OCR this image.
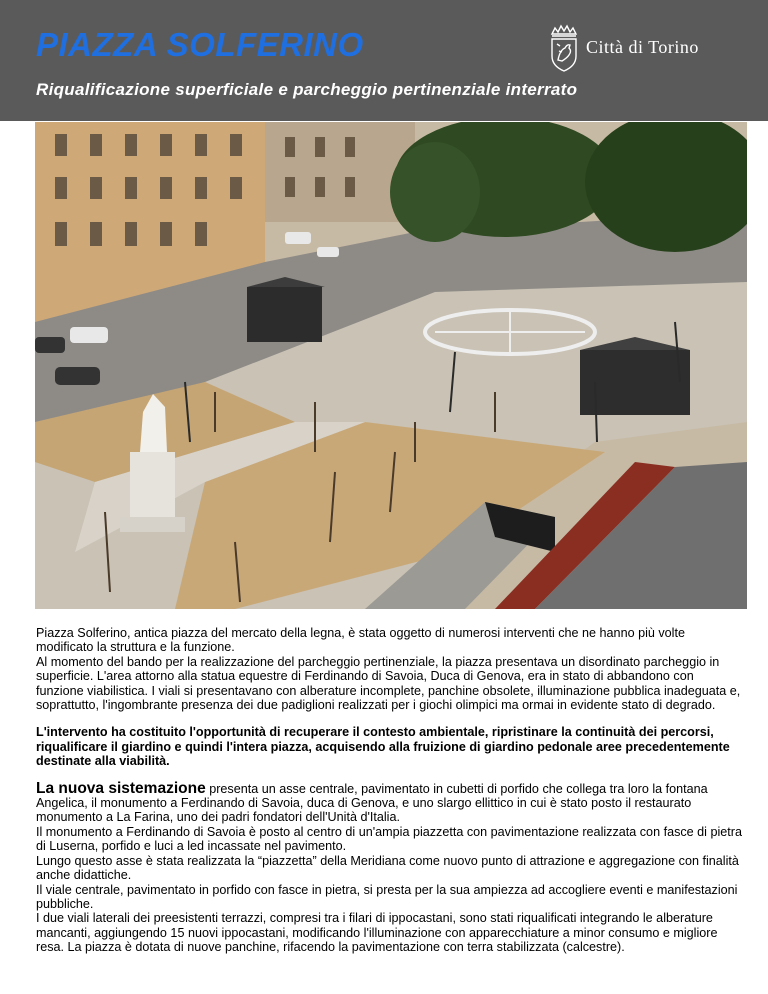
PIAZZA SOLFERINO

Riqualificazione superficiale e parcheggio pertinenziale interrato

Città di Torino

Piazza Solferino, antica piazza del mercato della legna, è stata oggetto di numerosi interventi che ne hanno più volte modificato la struttura e la funzione.
Al momento del bando per la realizzazione del parcheggio pertinenziale, la piazza presentava un disordinato parcheggio in superficie. L'area attorno alla statua equestre di Ferdinando di Savoia, Duca di Genova, era in stato di abbandono con funzione viabilistica. I viali si presentavano con alberature incomplete, panchine obsolete, illuminazione pubblica inadeguata e, soprattutto, l'ingombrante presenza dei due padiglioni realizzati per i giochi olimpici ma ormai in evidente stato di degrado.

L'intervento ha costituito l'opportunità di recuperare il contesto ambientale, ripristinare la continuità dei percorsi, riqualificare il giardino e quindi l'intera piazza, acquisendo alla fruizione di giardino pedonale aree precedentemente destinate alla viabilità.

La nuova sistemazione presenta un asse centrale, pavimentato in cubetti di porfido che collega tra loro la fontana Angelica, il monumento a Ferdinando di Savoia, duca di Genova, e uno slargo ellittico in cui è stato posto il restaurato monumento a La Farina, uno dei padri fondatori dell'Unità d'Italia.
Il monumento a Ferdinando di Savoia è posto al centro di un'ampia piazzetta con pavimentazione realizzata con fasce di pietra di Luserna, porfido e luci a led incassate nel pavimento.
Lungo questo asse è stata realizzata la “piazzetta” della Meridiana come nuovo punto di attrazione e aggregazione con finalità anche didattiche.
Il viale centrale, pavimentato in porfido con fasce in pietra, si presta per la sua ampiezza ad accogliere eventi e manifestazioni pubbliche.
I due viali laterali dei preesistenti terrazzi, compresi tra i filari di ippocastani, sono stati riqualificati integrando le alberature mancanti, aggiungendo 15 nuovi ippocastani, modificando l'illuminazione con apparecchiature a minor consumo e migliore resa. La piazza è dotata di nuove panchine, rifacendo la pavimentazione con terra stabilizzata (calcestre).
